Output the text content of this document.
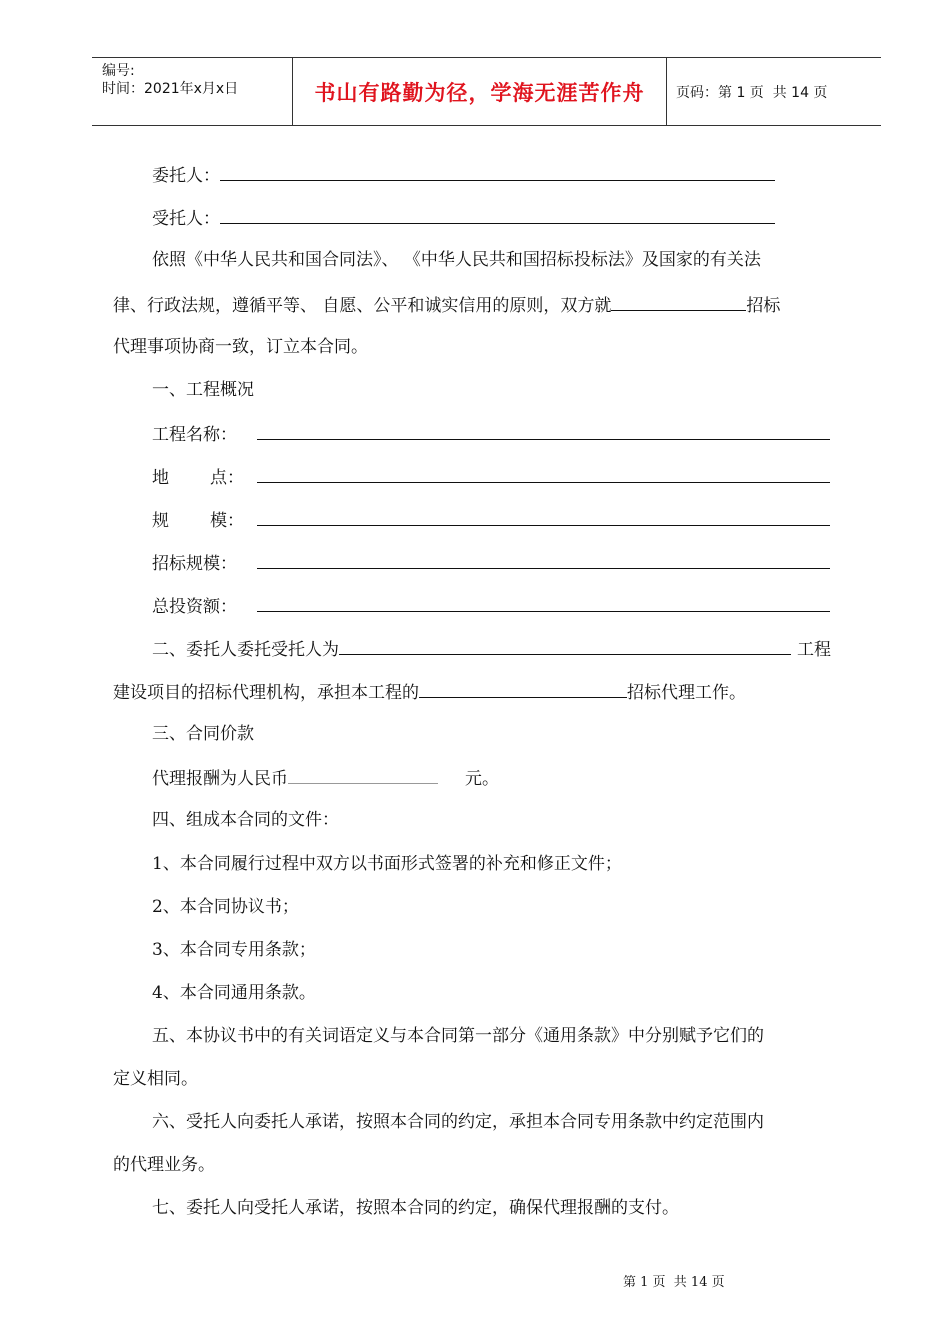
编号:
时间：2021年x月x日	书山有路勤为径，学海无涯苦作舟	页码：第 1 页  共 14 页
委托人：
受托人：
依照《中华人民共和国合同法》、 《中华人民共和国招标投标法》及国家的有关法
律、行政法规，遵循平等、 自愿、公平和诚实信用的原则，双方就	招标
代理事项协商一致，订立本合同。
一、工程概况
工程名称：
地 点：
规 模：
招标规模：
总投资额：
二、委托人委托受托人为	工程
建设项目的招标代理机构，承担本工程的	招标代理工作。
三、合同价款
代理报酬为人民币	元。
四、组成本合同的文件：
1、本合同履行过程中双方以书面形式签署的补充和修正文件；
2、本合同协议书；
3、本合同专用条款；
4、本合同通用条款。
五、本协议书中的有关词语定义与本合同第一部分《通用条款》中分别赋予它们的
定义相同。
六、受托人向委托人承诺，按照本合同的约定，承担本合同专用条款中约定范围内
的代理业务。
七、委托人向受托人承诺，按照本合同的约定，确保代理报酬的支付。
第 1 页  共 14 页
